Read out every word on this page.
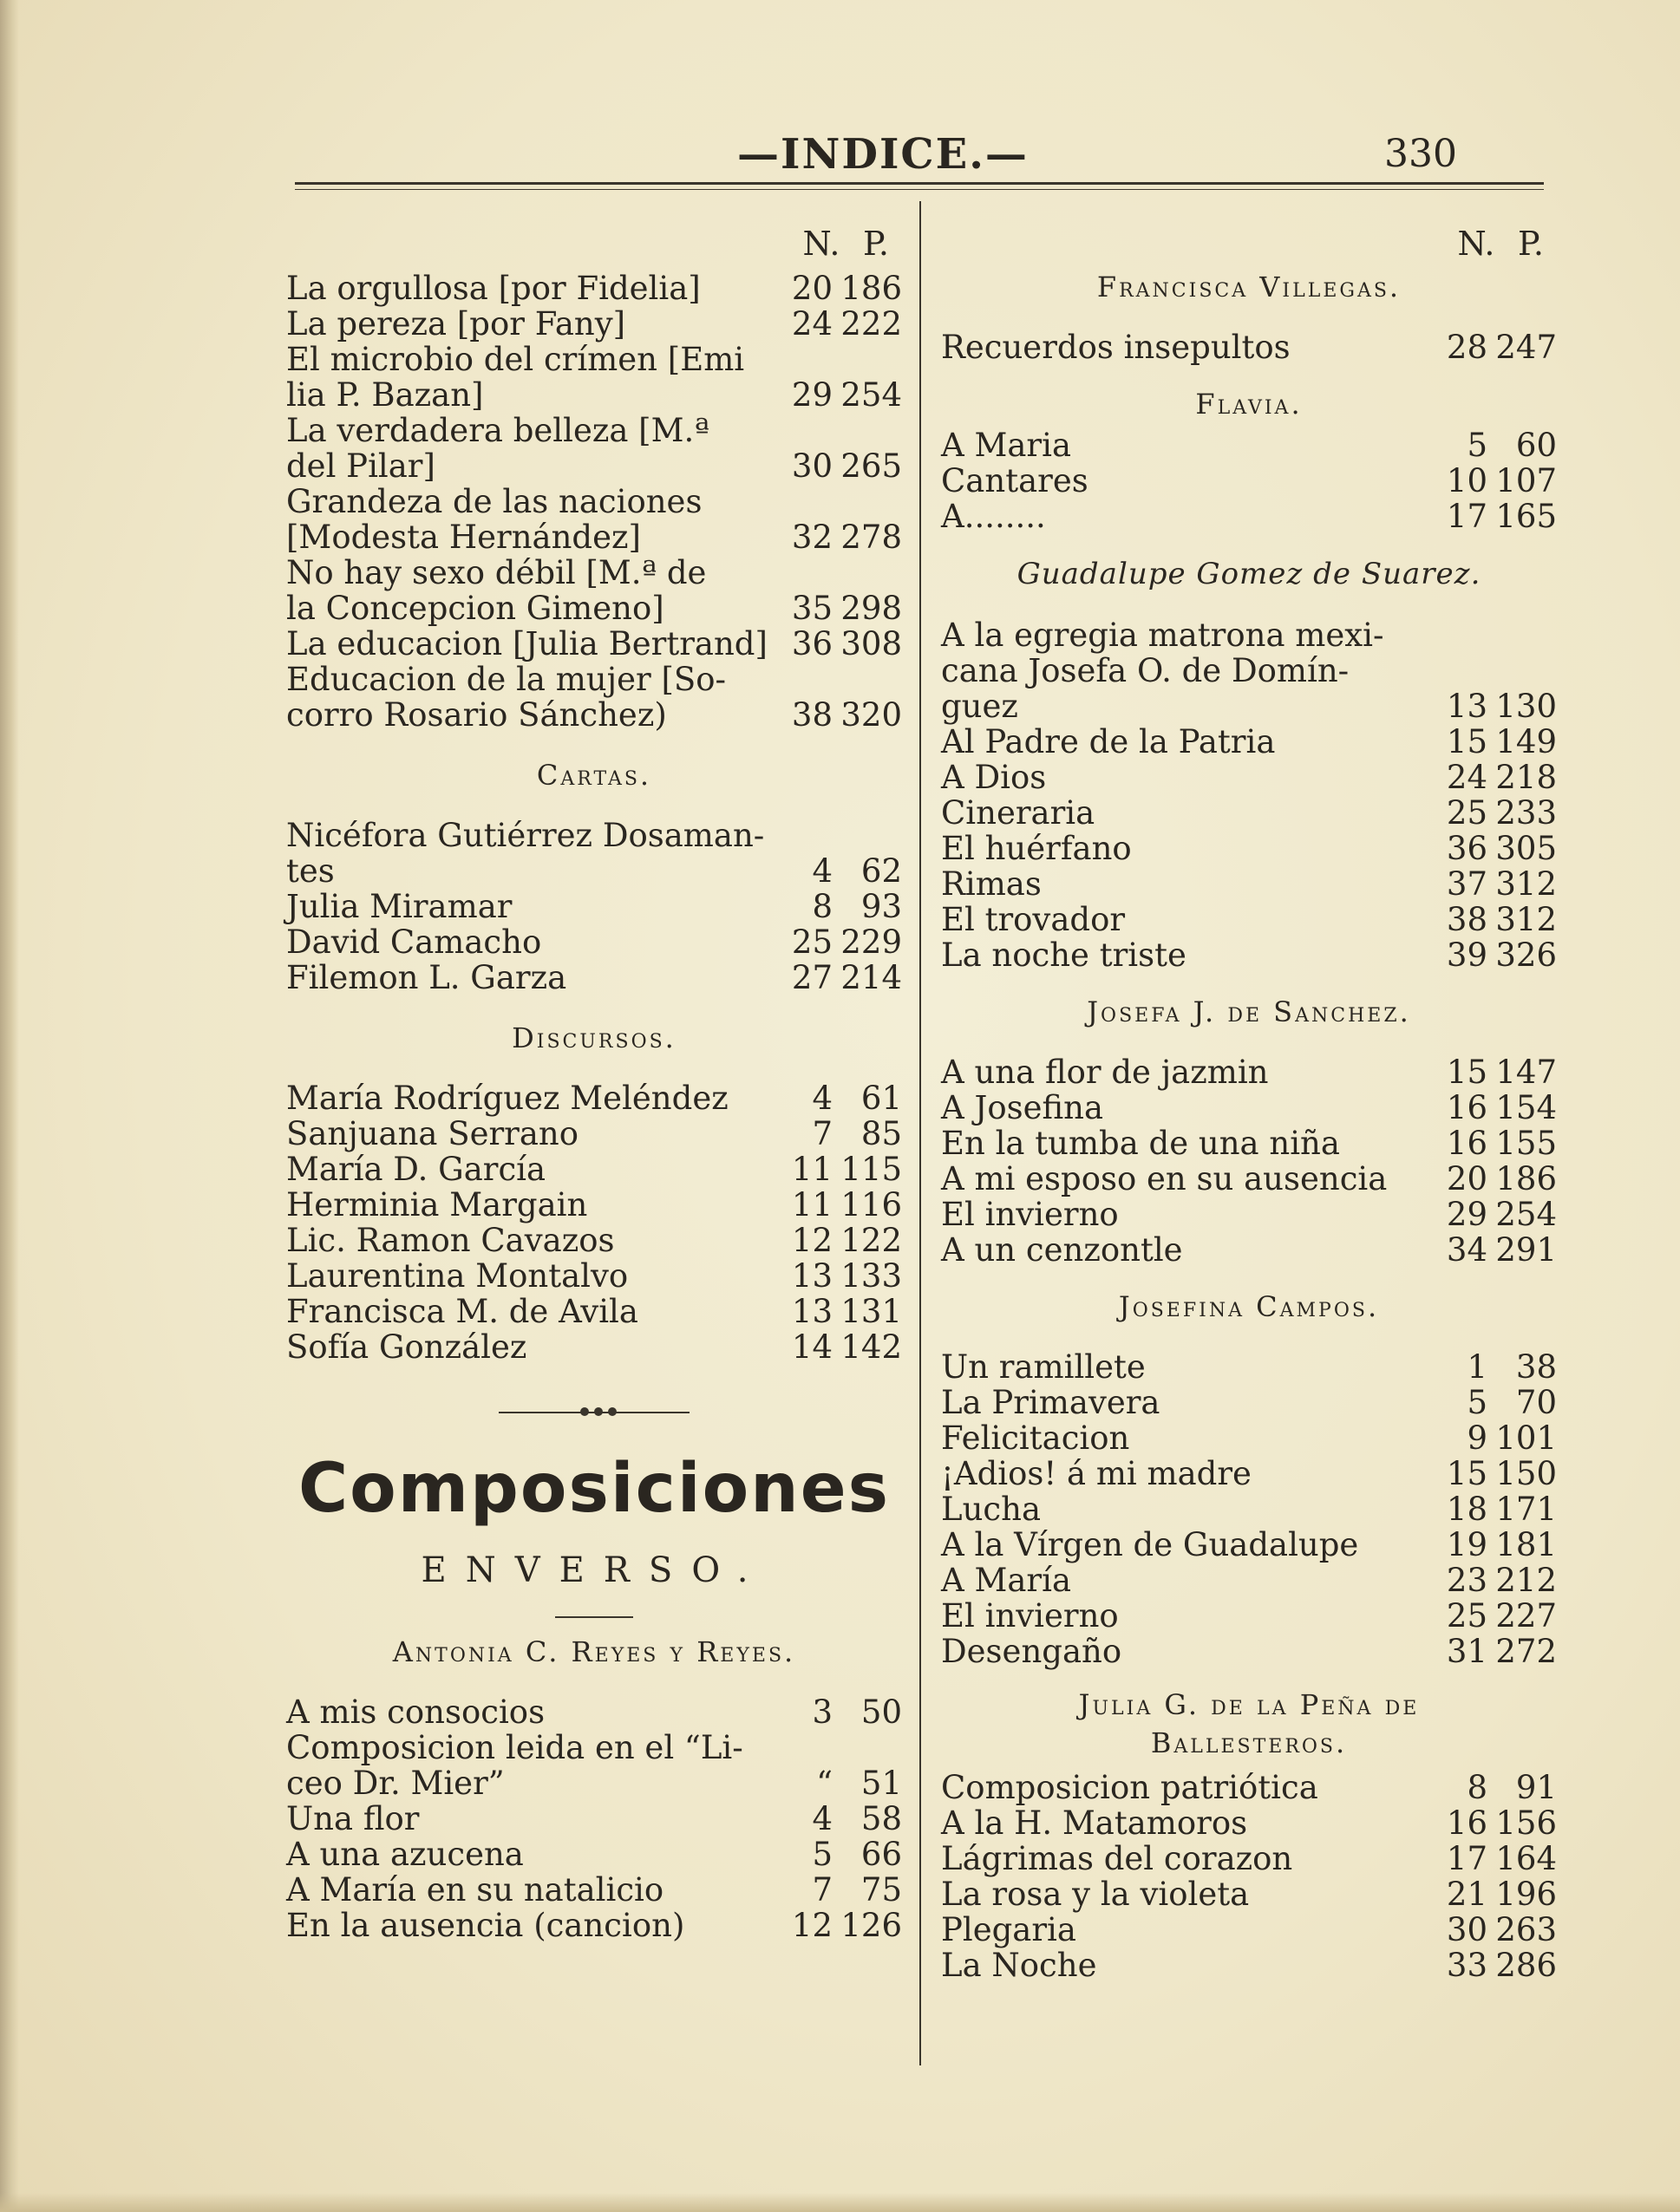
—INDICE.—	330
N. P.
La orgullosa [por Fidelia]	20 186
La pereza [por Fany]	24 222
El microbio del crímen [Emi
lia P. Bazan]	29 254
La verdadera belleza [M.ª
del Pilar]	30 265
Grandeza de las naciones
[Modesta Hernández]	32 278
No hay sexo débil [M.ª de
la Concepcion Gimeno]	35 298
La educacion [Julia Bertrand] 36 308
Educacion de la mujer [So-
corro Rosario Sánchez)	38 320
Cartas.
Nicéfora Gutiérrez Dosaman-
tes	4 62
Julia Miramar	8 93
David Camacho	25 229
Filemon L. Garza	27 214
Discursos.
María Rodríguez Meléndez	4 61
Sanjuana Serrano	7 85
María D. García	11 115
Herminia Margain	11 116
Lic. Ramon Cavazos	12 122
Laurentina Montalvo	13 133
Francisca M. de Avila	13 131
Sofía González	14 142
Composiciones
ENVERSO.
Antonia C. Reyes y Reyes.
A mis consocios	3 50
Composicion leida en el “Li-
ceo Dr. Mier”	“ 51
Una flor	4 58
A una azucena	5 66
A María en su natalicio	7 75
En la ausencia (cancion)	12 126
N. P.
Francisca Villegas.
Recuerdos insepultos	28 247
Flavia.
A Maria	5 60
Cantares	10 107
A........	17 165
Guadalupe Gomez de Suarez.
A la egregia matrona mexi-
cana Josefa O. de Domín-
guez	13 130
Al Padre de la Patria	15 149
A Dios	24 218
Cineraria	25 233
El huérfano	36 305
Rimas	37 312
El trovador	38 312
La noche triste	39 326
Josefa J. de Sanchez.
A una flor de jazmin	15 147
A Josefina	16 154
En la tumba de una niña	16 155
A mi esposo en su ausencia	20 186
El invierno	29 254
A un cenzontle	34 291
Josefina Campos.
Un ramillete	1 38
La Primavera	5 70
Felicitacion	9 101
¡Adios! á mi madre	15 150
Lucha	18 171
A la Vírgen de Guadalupe	19 181
A María	23 212
El invierno	25 227
Desengaño	31 272
Julia G. de la Peña de
Ballesteros.
Composicion patriótica	8 91
A la H. Matamoros	16 156
Lágrimas del corazon	17 164
La rosa y la violeta	21 196
Plegaria	30 263
La Noche	33 286
